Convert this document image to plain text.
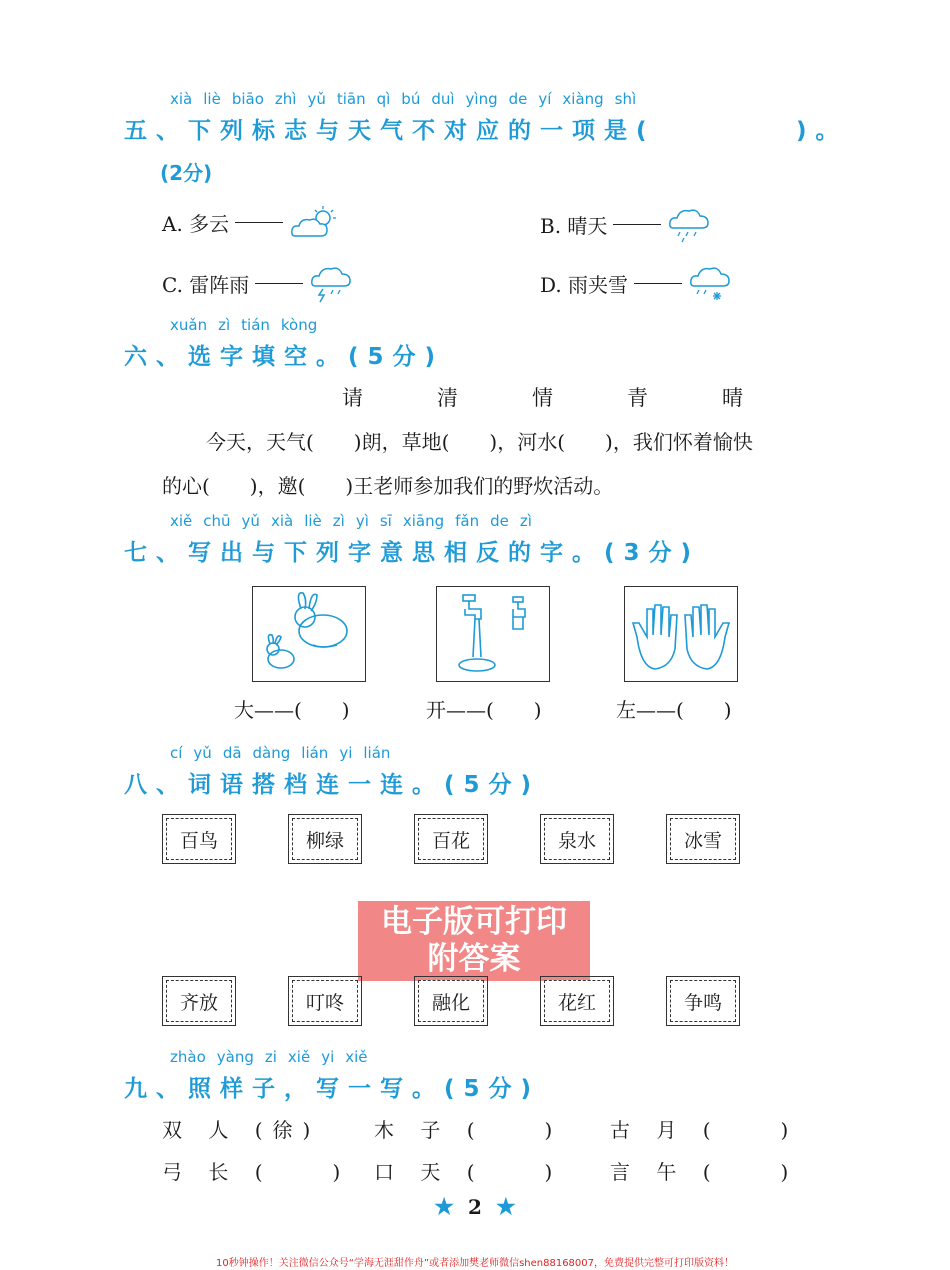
xià liè biāo zhì yǔ tiān qì bú duì yìng de yí xiàng shì
五、下列标志与天气不对应的一项是(	)。
(2分)
A. 多云	B. 晴天
C. 雷阵雨	D. 雨夹雪
xuǎn zì tián kòng
六、选字填空。(5分)
请	清	情	青	晴
今天，天气(　　)朗，草地(　　)，河水(　　)，我们怀着愉快
的心(　　)，邀(　　)王老师参加我们的野炊活动。
xiě chū yǔ xià liè zì yì sī xiāng fǎn de zì
七、写出与下列字意思相反的字。(3分)
大——(　　)	开——(　　)	左——(　　)
cí yǔ dā dàng lián yi lián
八、词语搭档连一连。(5分)
百鸟	柳绿	百花	泉水	冰雪
电子版可打印
附答案
齐放	叮咚	融化	花红	争鸣
zhào yàng zi xiě yi xiě
九、照样子，写一写。(5分)
双 人 (徐)	木 子 (　　) 古 月 (　　)
弓 长 (　　) 口 天 (　　) 言 午 (　　)
★ 2 ★
10秒钟操作！关注微信公众号“学海无涯甜作舟”或者添加樊老师微信shen88168007，免费提供完整可打印版资料！
